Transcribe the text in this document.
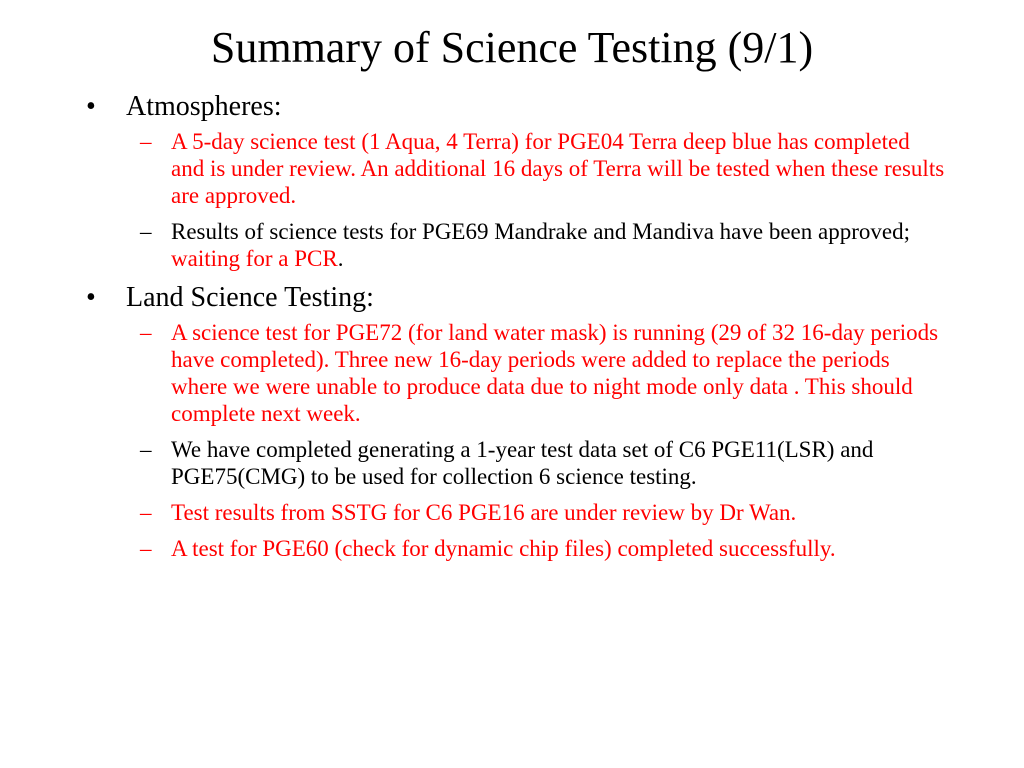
Summary of Science Testing (9/1)
• Atmospheres:
– A 5-day science test (1 Aqua, 4 Terra) for PGE04 Terra deep blue has completed and is under review. An additional 16 days of Terra will be tested when these results are approved.
– Results of science tests for PGE69 Mandrake and Mandiva have been approved; waiting for a PCR.
• Land Science Testing:
– A science test for PGE72 (for land water mask) is running (29 of 32 16-day periods have completed). Three new 16-day periods were added to replace the periods where we were unable to produce data due to night mode only data . This should complete next week.
– We have completed generating a 1-year test data set of C6 PGE11(LSR) and PGE75(CMG) to be used for collection 6 science testing.
– Test results from SSTG for C6 PGE16 are under review by Dr Wan.
– A test for PGE60 (check for dynamic chip files) completed successfully.
